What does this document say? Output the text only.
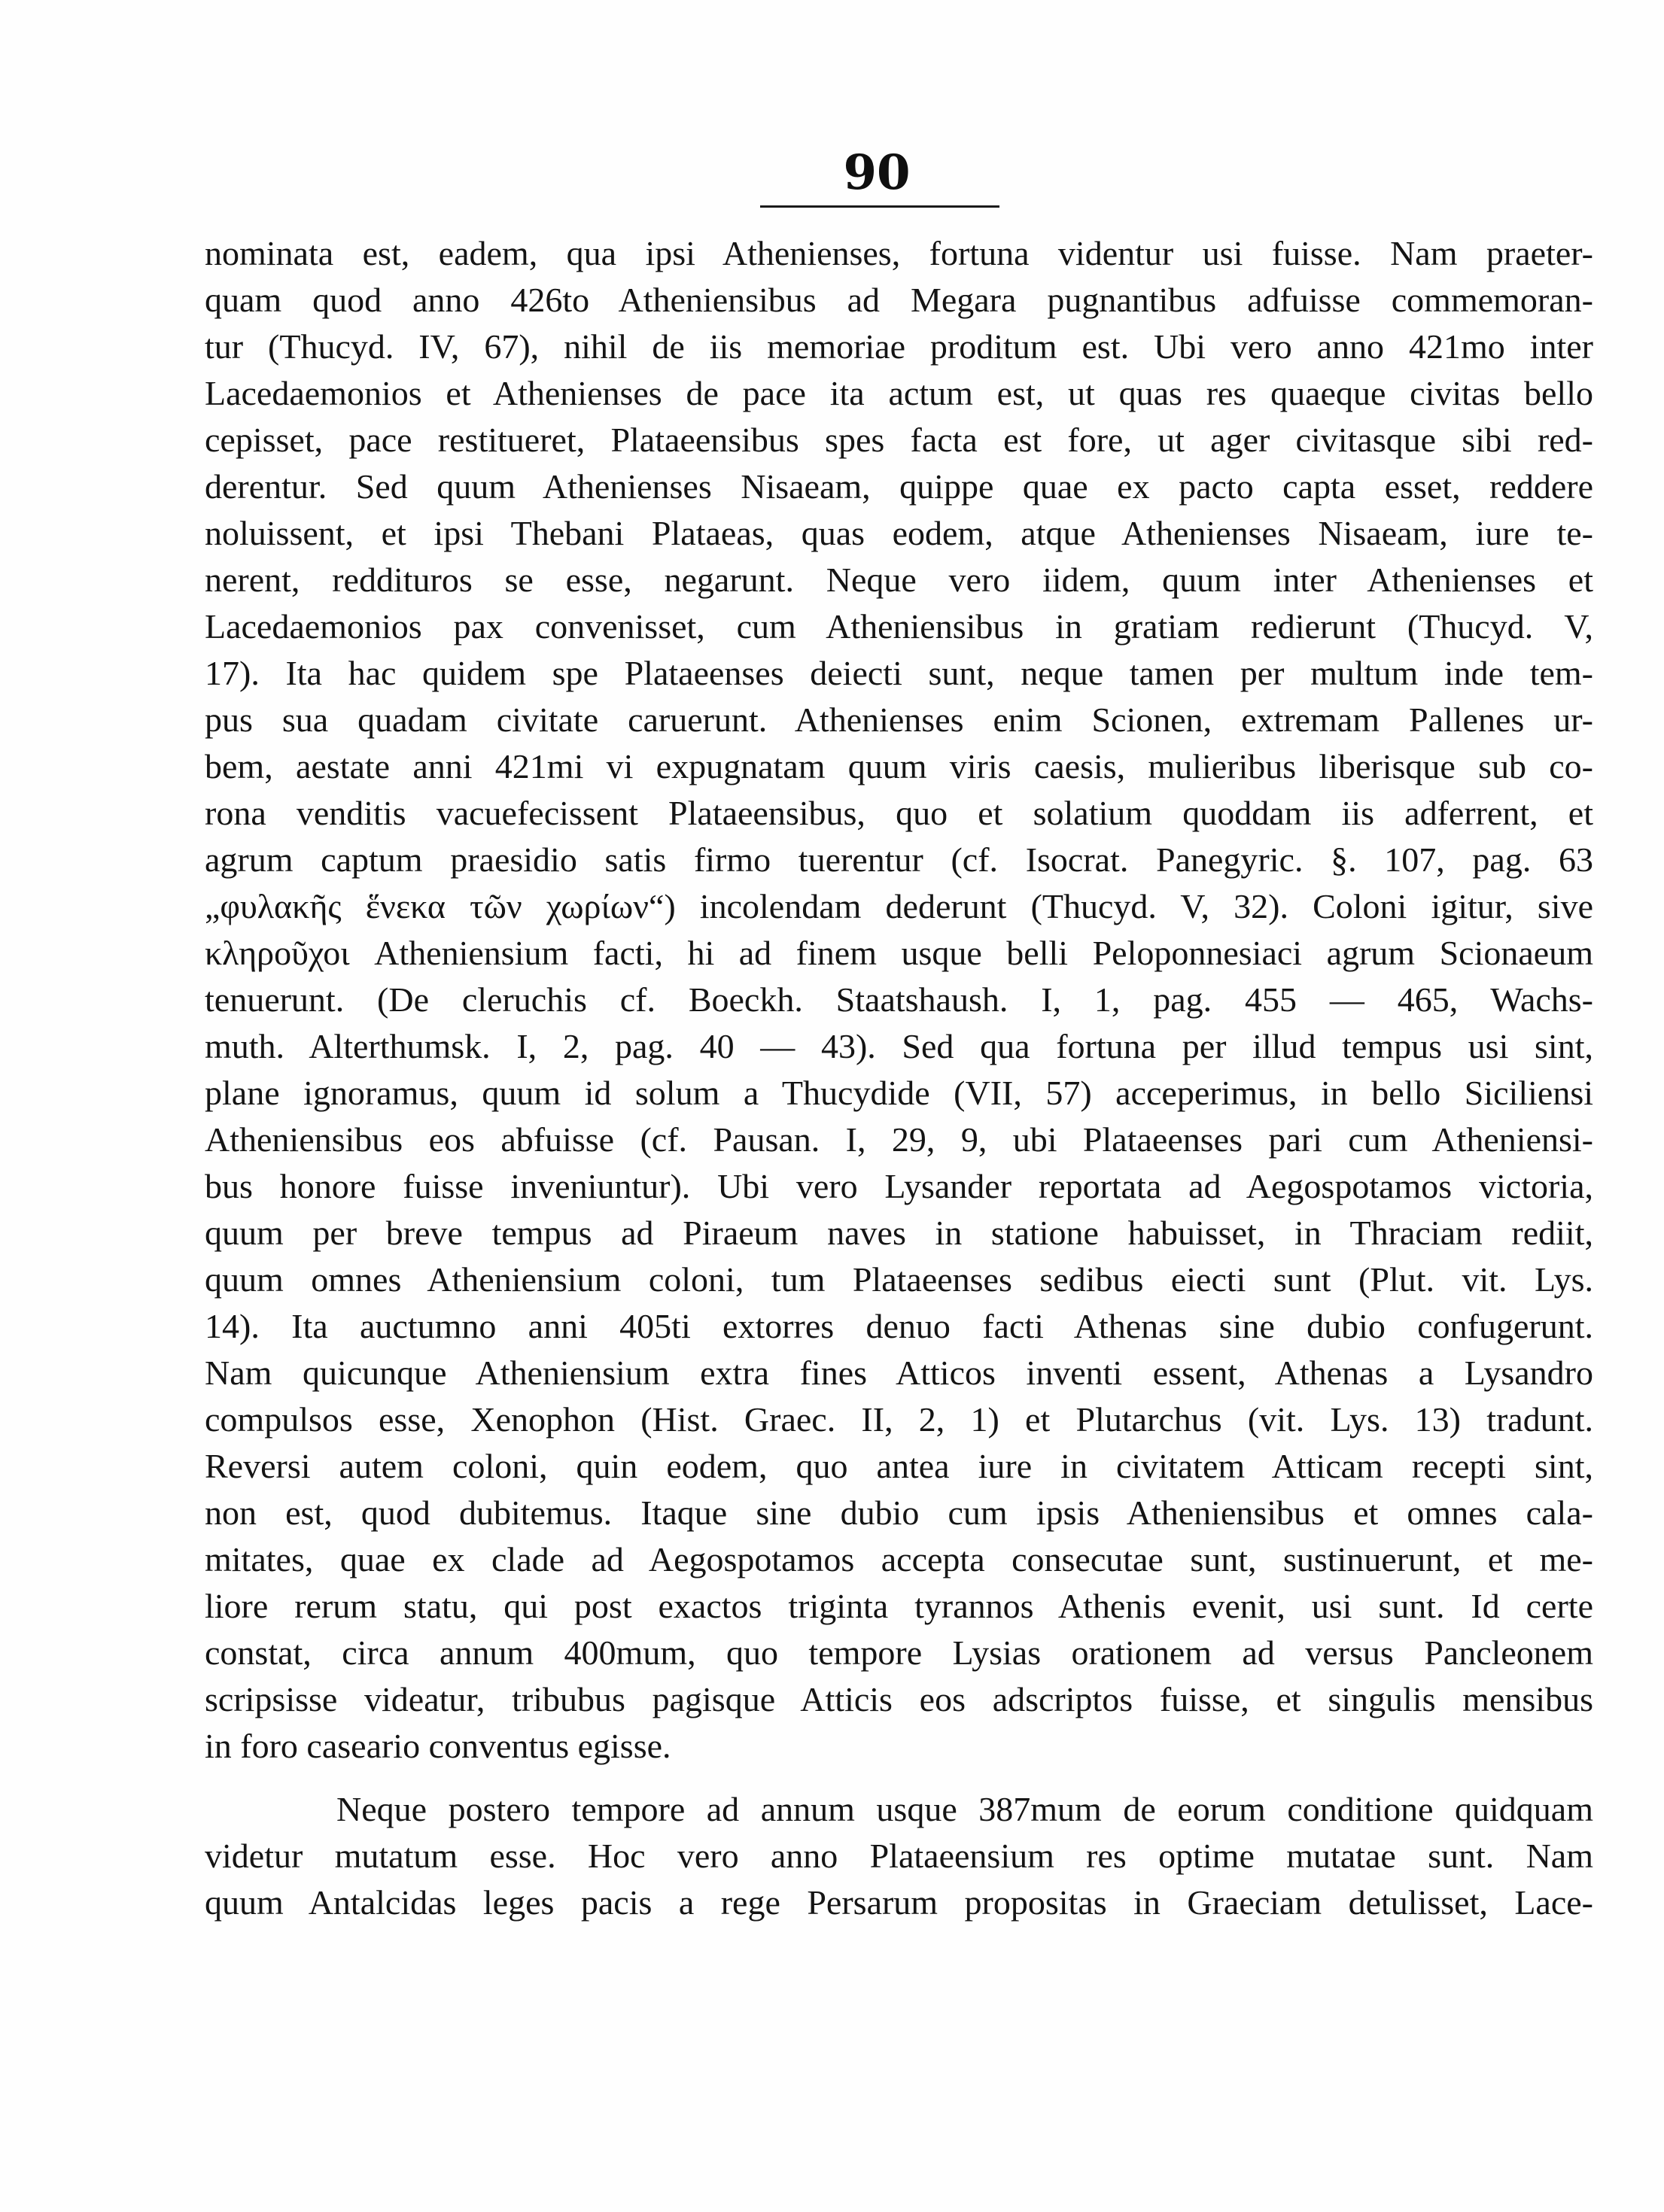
90
nominata est, eadem, qua ipsi Athenienses, fortuna videntur usi fuisse. Nam praeter-
quam quod anno 426to Atheniensibus ad Megara pugnantibus adfuisse commemoran-
tur (Thucyd. IV, 67), nihil de iis memoriae proditum est. Ubi vero anno 421mo inter
Lacedaemonios et Athenienses de pace ita actum est, ut quas res quaeque civitas bello
cepisset, pace restitueret, Plataeensibus spes facta est fore, ut ager civitasque sibi red-
derentur. Sed quum Athenienses Nisaeam, quippe quae ex pacto capta esset, reddere
noluissent, et ipsi Thebani Plataeas, quas eodem, atque Athenienses Nisaeam, iure te-
nerent, reddituros se esse, negarunt. Neque vero iidem, quum inter Athenienses et
Lacedaemonios pax convenisset, cum Atheniensibus in gratiam redierunt (Thucyd. V,
17). Ita hac quidem spe Plataeenses deiecti sunt, neque tamen per multum inde tem-
pus sua quadam civitate caruerunt. Athenienses enim Scionen, extremam Pallenes ur-
bem, aestate anni 421mi vi expugnatam quum viris caesis, mulieribus liberisque sub co-
rona venditis vacuefecissent Plataeensibus, quo et solatium quoddam iis adferrent, et
agrum captum praesidio satis firmo tuerentur (cf. Isocrat. Panegyric. §. 107, pag. 63
„φυλακῆς ἕνεκα τῶν χωρίων“) incolendam dederunt (Thucyd. V, 32). Coloni igitur, sive
κληροῦχοι Atheniensium facti, hi ad finem usque belli Peloponnesiaci agrum Scionaeum
tenuerunt. (De cleruchis cf. Boeckh. Staatshaush. I, 1, pag. 455 — 465, Wachs-
muth. Alterthumsk. I, 2, pag. 40 — 43). Sed qua fortuna per illud tempus usi sint,
plane ignoramus, quum id solum a Thucydide (VII, 57) acceperimus, in bello Siciliensi
Atheniensibus eos abfuisse (cf. Pausan. I, 29, 9, ubi Plataeenses pari cum Atheniensi-
bus honore fuisse inveniuntur). Ubi vero Lysander reportata ad Aegospotamos victoria,
quum per breve tempus ad Piraeum naves in statione habuisset, in Thraciam rediit,
quum omnes Atheniensium coloni, tum Plataeenses sedibus eiecti sunt (Plut. vit. Lys.
14). Ita auctumno anni 405ti extorres denuo facti Athenas sine dubio confugerunt.
Nam quicunque Atheniensium extra fines Atticos inventi essent, Athenas a Lysandro
compulsos esse, Xenophon (Hist. Graec. II, 2, 1) et Plutarchus (vit. Lys. 13) tradunt.
Reversi autem coloni, quin eodem, quo antea iure in civitatem Atticam recepti sint,
non est, quod dubitemus. Itaque sine dubio cum ipsis Atheniensibus et omnes cala-
mitates, quae ex clade ad Aegospotamos accepta consecutae sunt, sustinuerunt, et me-
liore rerum statu, qui post exactos triginta tyrannos Athenis evenit, usi sunt. Id certe
constat, circa annum 400mum, quo tempore Lysias orationem ad versus Pancleonem
scripsisse videatur, tribubus pagisque Atticis eos adscriptos fuisse, et singulis mensibus
in foro caseario conventus egisse.
Neque postero tempore ad annum usque 387mum de eorum conditione quidquam
videtur mutatum esse. Hoc vero anno Plataeensium res optime mutatae sunt. Nam
quum Antalcidas leges pacis a rege Persarum propositas in Graeciam detulisset, Lace-
